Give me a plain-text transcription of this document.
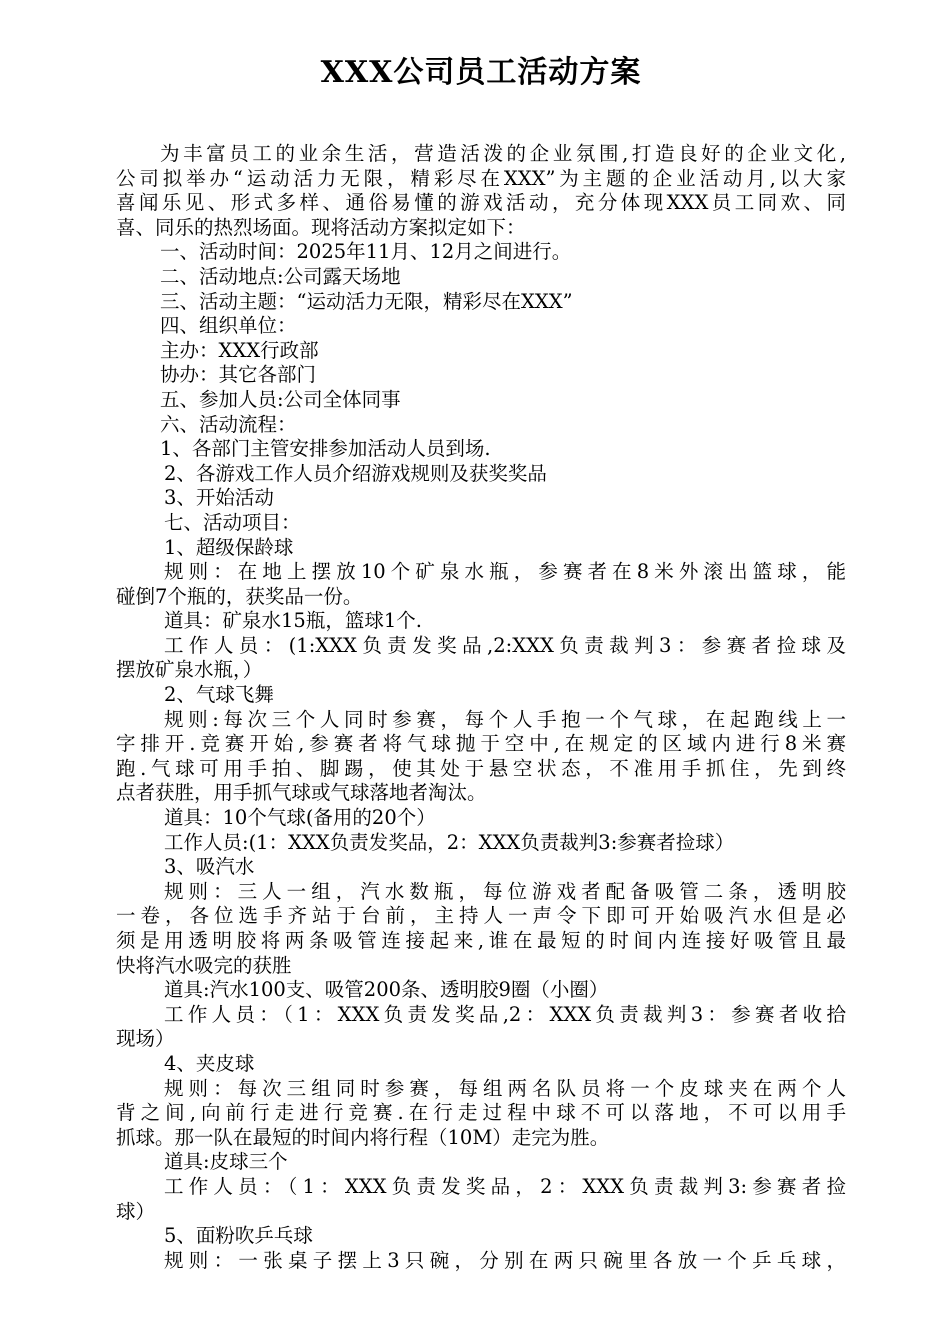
XXX公司员工活动方案
为丰富员工的业余生活，营造活泼的企业氛围,打造良好的企业文化,
公司拟举办“运动活力无限，精彩尽在XXX”为主题的企业活动月,以大家
喜闻乐见、形式多样、通俗易懂的游戏活动，充分体现XXX员工同欢、同
喜、同乐的热烈场面。现将活动方案拟定如下：
一、活动时间：2025年11月、12月之间进行。
二、活动地点:公司露天场地
三、活动主题：“运动活力无限，精彩尽在XXX”
四、组织单位：
主办：XXX行政部
协办：其它各部门
五、参加人员:公司全体同事
六、活动流程：
1、各部门主管安排参加活动人员到场.
2、各游戏工作人员介绍游戏规则及获奖奖品
3、开始活动
七、活动项目：
1、超级保龄球
规则：在地上摆放10个矿泉水瓶，参赛者在8米外滚出篮球，能
碰倒7个瓶的，获奖品一份。
道具：矿泉水15瓶，篮球1个.
工作人员：(1:XXX负责发奖品,2:XXX负责裁判3：参赛者捡球及
摆放矿泉水瓶，）
2、气球飞舞
规则:每次三个人同时参赛，每个人手抱一个气球，在起跑线上一
字排开.竞赛开始,参赛者将气球抛于空中,在规定的区域内进行8米赛
跑.气球可用手拍、脚踢，使其处于悬空状态，不准用手抓住，先到终
点者获胜，用手抓气球或气球落地者淘汰。
道具：10个气球(备用的20个）
工作人员:(1：XXX负责发奖品，2：XXX负责裁判3:参赛者捡球）
3、吸汽水
规则：三人一组，汽水数瓶，每位游戏者配备吸管二条，透明胶
一卷，各位选手齐站于台前，主持人一声令下即可开始吸汽水但是必
须是用透明胶将两条吸管连接起来,谁在最短的时间内连接好吸管且最
快将汽水吸完的获胜
道具:汽水100支、吸管200条、透明胶9圈（小圈）
工作人员：（1：XXX负责发奖品,2：XXX负责裁判3：参赛者收拾
现场）
4、夹皮球
规则：每次三组同时参赛，每组两名队员将一个皮球夹在两个人
背之间,向前行走进行竞赛.在行走过程中球不可以落地，不可以用手
抓球。那一队在最短的时间内将行程（10M）走完为胜。
道具:皮球三个
工作人员：（1：XXX负责发奖品，2：XXX负责裁判3:参赛者捡
球）
5、面粉吹乒乓球
规则：一张桌子摆上3只碗，分别在两只碗里各放一个乒乓球，
